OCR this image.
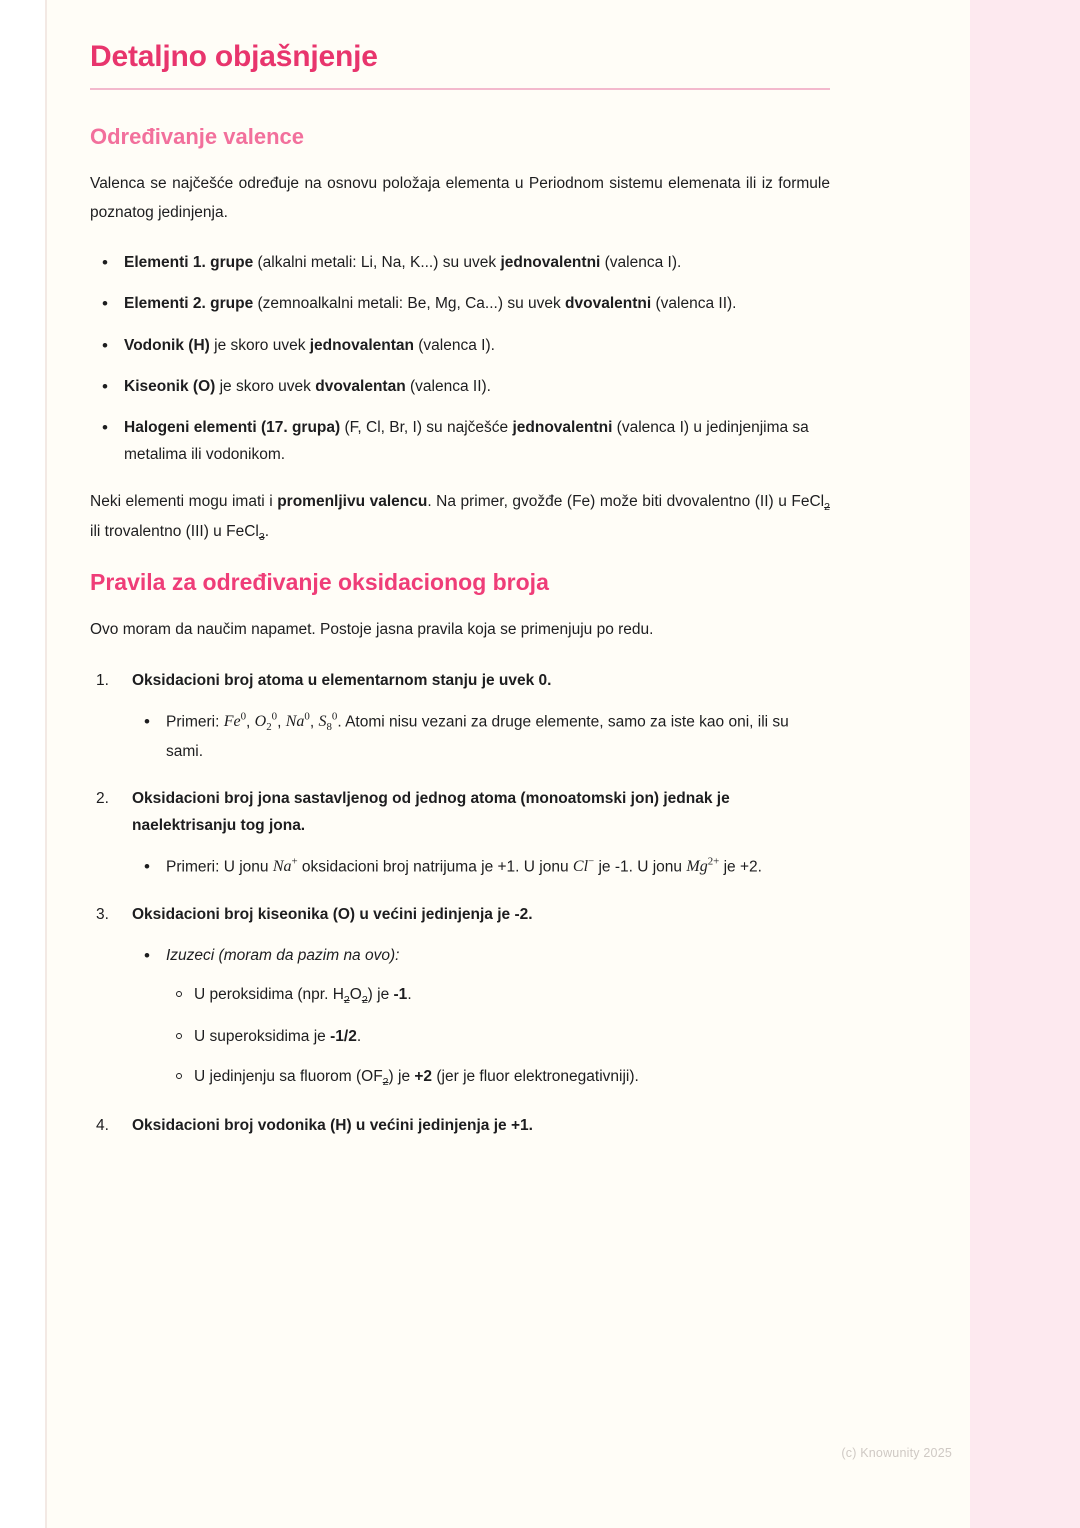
Detaljno objašnjenje
Određivanje valence

Valenca se najčešće određuje na osnovu položaja elementa u Periodnom sistemu elemenata ili iz formule poznatog jedinjenja.

• Elementi 1. grupe (alkalni metali: Li, Na, K...) su uvek jednovalentni (valenca I).
• Elementi 2. grupe (zemnoalkalni metali: Be, Mg, Ca...) su uvek dvovalentni (valenca II).
• Vodonik (H) je skoro uvek jednovalentan (valenca I).
• Kiseonik (O) je skoro uvek dvovalentan (valenca II).
• Halogeni elementi (17. grupa) (F, Cl, Br, I) su najčešće jednovalentni (valenca I) u jedinjenjima sa metalima ili vodonikom.

Neki elementi mogu imati i promenljivu valencu. Na primer, gvožđe (Fe) može biti dvovalentno (II) u FeCl$_2$ ili trovalentno (III) u FeCl$_3$.

Pravila za određivanje oksidacionog broja

Ovo moram da naučim napamet. Postoje jasna pravila koja se primenjuju po redu.

Oksidacioni broj atoma u elementarnom stanju je uvek 0.
• Primeri: Fe$^0$, $O_2^0$, Na$^0$, $S_8^0$. Atomi nisu vezani za druge elemente, samo za iste kao oni, ili su sami.
Oksidacioni broj jona sastavljenog od jednog atoma (monoatomski jon) jednak je naelektrisanju tog jona.
• Primeri: U jonu Na+ oksidacioni broj natrijuma je +1. U jonu Cl− je -1. U jonu $Mg^{2+}$ je +2.
Oksidacioni broj kiseonika (O) u većini jedinjenja je -2.
• Izuzeci (moram da pazim na ovo):
U peroksidima (npr. $H_2O_2$) je -1.
U superoksidima je -1/2.
U jedinjenju sa fluorom $(OF_2)$ je +2 (jer je fluor elektronegativniji).
Oksidacioni broj vodonika (H) u većini jedinjenja je +1.
(c) Knowunity 2025
